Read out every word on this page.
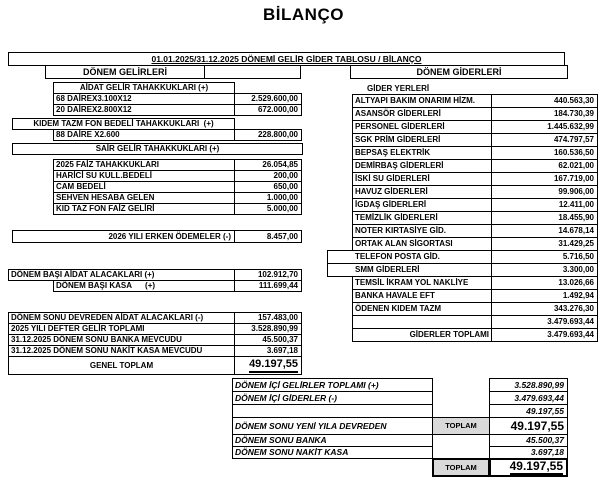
BİLANÇO
01.01.2025/31.12.2025 DÖNEMİ GELİR GİDER TABLOSU / BİLANÇO
DÖNEM GELİRLERİ	DÖNEM GİDERLERİ
AİDAT GELİR TAHAKKUKLARI (+)
68 DAİREX3.100X12	2.529.600,00
20 DAİREX2.800X12	672.000,00
KIDEM TAZM FON BEDELİ TAHAKKUKLARI  (+)
88 DAİRE X2.600	228.800,00
SAİR GELİR TAHAKKUKLARI (+)
2025 FAİZ TAHAKKUKLARI	26.054,85
HARİCİ SU KULL.BEDELİ	200,00
CAM BEDELİ	650,00
SEHVEN HESABA GELEN	1.000,00
KID TAZ FON FAİZ GELİRİ	5.000,00
2026 YILI ERKEN ÖDEMELER (-)	8.457,00
DÖNEM BAŞI AİDAT ALACAKLARI (+)	102.912,70
DÖNEM BAŞI KASA      (+)	111.699,44
DÖNEM SONU DEVREDEN AİDAT ALACAKLARI (-)	157.483,00
2025 YILI DEFTER GELİR TOPLAMI	3.528.890,99
31.12.2025 DÖNEM SONU BANKA MEVCUDU	45.500,37
31.12.2025 DÖNEM SONU NAKİT KASA MEVCUDU	3.697,18
GENEL TOPLAM	49.197,55
GİDER YERLERİ
ALTYAPI BAKIM ONARIM HİZM.	440.563,30
ASANSÖR GİDERLERİ	184.730,39
PERSONEL GİDERLERİ	1.445.632,99
SGK PRİM GİDERLERİ	474.797,57
BEPSAŞ ELEKTRİK	160.536,50
DEMİRBAŞ GİDERLERİ	62.021,00
İSKİ SU GİDERLERİ	167.719,00
HAVUZ GİDERLERİ	99.906,00
İGDAŞ GİDERLERİ	12.411,00
TEMİZLİK GİDERLERİ	18.455,90
NOTER KIRTASİYE GİD.	14.678,14
ORTAK ALAN SİGORTASI	31.429,25
TELEFON POSTA GİD.	5.716,50
SMM GİDERLERİ	3.300,00
TEMSİL İKRAM YOL NAKLİYE	13.026,66
BANKA HAVALE EFT	1.492,94
ÖDENEN KIDEM TAZM	343.276,30
3.479.693,44
GİDERLER TOPLAMI	3.479.693,44
DÖNEM İÇİ GELİRLER TOPLAMI (+)	3.528.890,99
DÖNEM İÇİ GİDERLER (-)	3.479.693,44
49.197,55
DÖNEM SONU YENİ YILA DEVREDEN	TOPLAM	49.197,55
DÖNEM SONU BANKA	45.500,37
DÖNEM SONU NAKİT KASA	3.697,18
TOPLAM	49.197,55
